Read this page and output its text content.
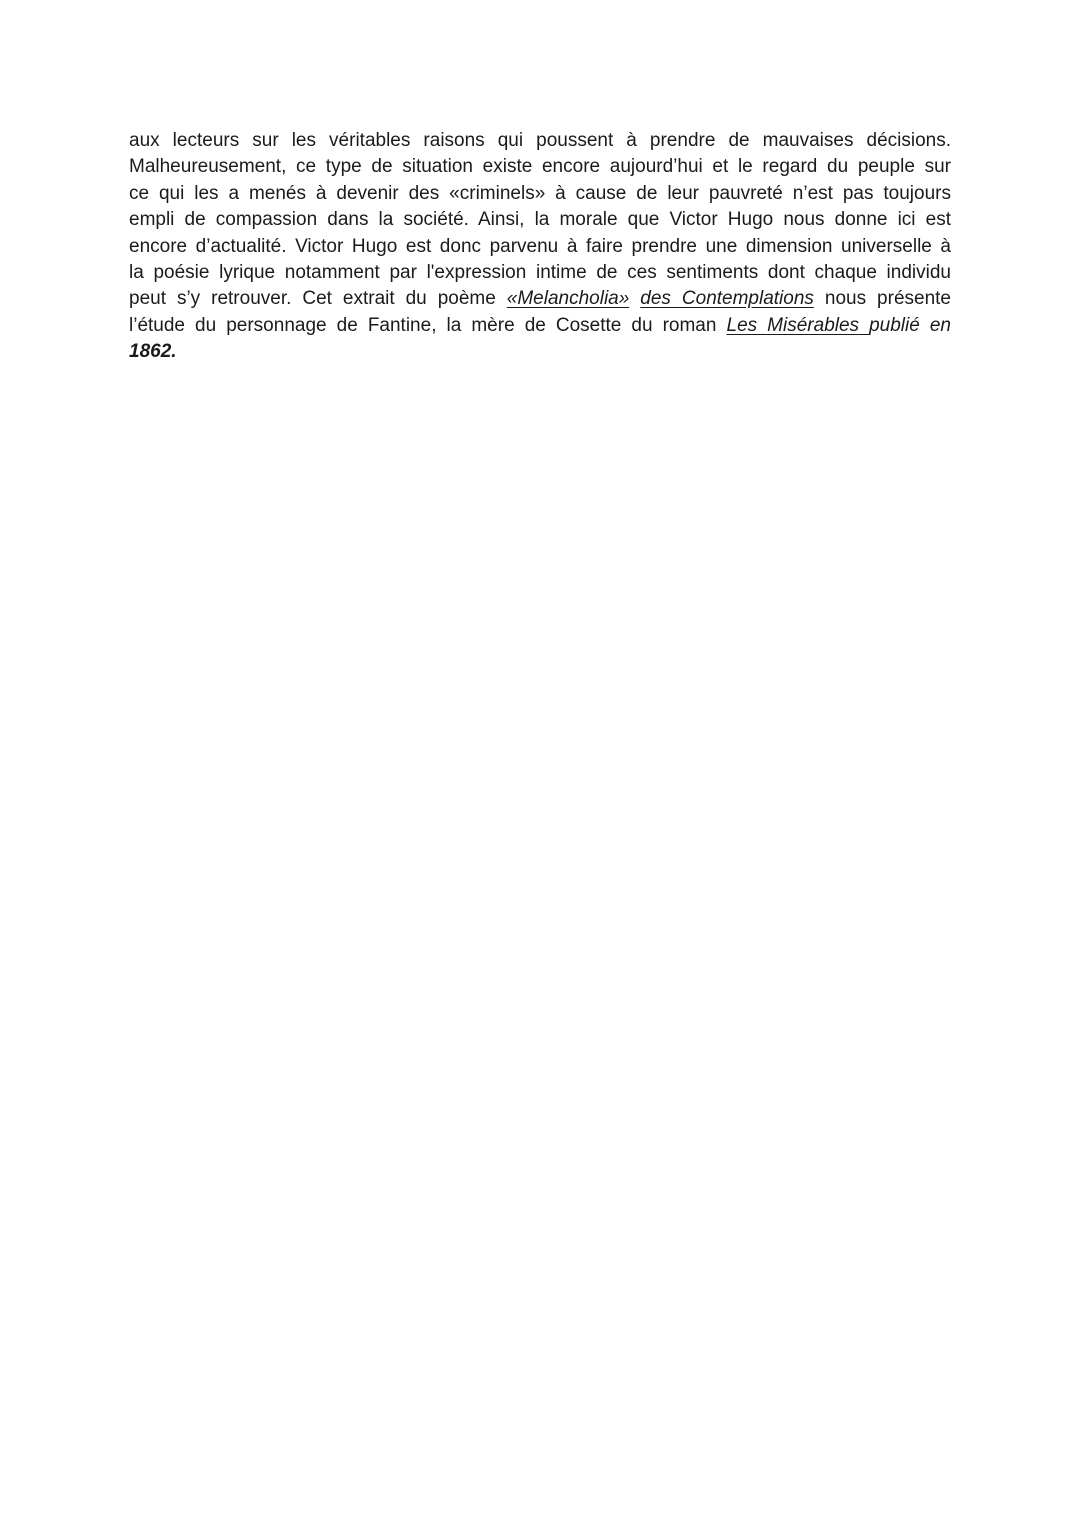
aux lecteurs sur les véritables raisons qui poussent à prendre de mauvaises décisions.
Malheureusement, ce type de situation existe encore aujourd’hui et le regard du peuple sur
ce qui les a menés à devenir des «criminels» à cause de leur pauvreté n’est pas toujours
empli de compassion dans la société. Ainsi, la morale que Victor Hugo nous donne ici est
encore d’actualité. Victor Hugo est donc parvenu à faire prendre une dimension universelle à
la poésie lyrique notamment par l'expression intime de ces sentiments dont chaque individu
peut s’y retrouver. Cet extrait du poème «Melancholia» des Contemplations nous présente
l’étude du personnage de Fantine, la mère de Cosette du roman Les Misérables publié en
1862.
